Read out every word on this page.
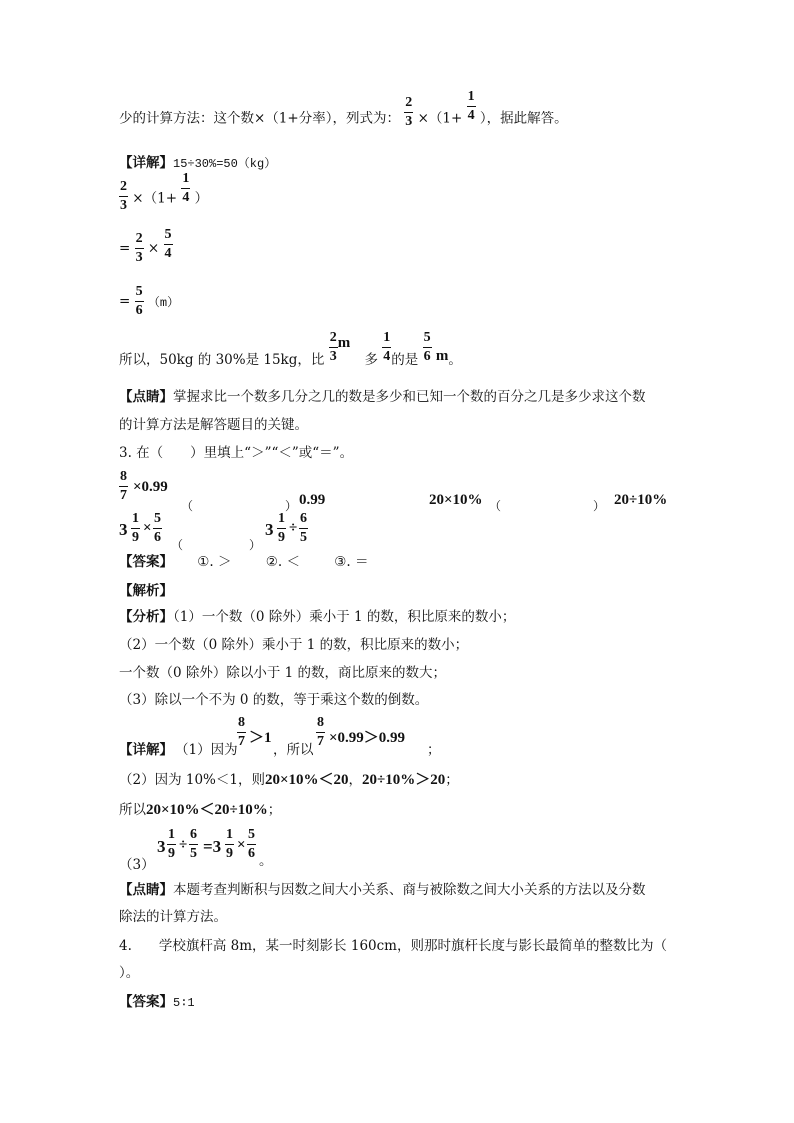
少的计算方法：这个数×（1+分率），列式为： $\frac{2}{3} \times(1+ \frac{1}{4}$ ），据此解答。
【详解】15÷30%=50（kg）
$\frac{2}{3} \times(1+ \frac{1}{4}$ ）
= $\frac{2}{3} \times \frac{5}{4}$
= $\frac{5}{6} (m)$
所以，50kg 的 30%是 15kg，比 $\frac{2}{3}$ m 多 $\frac{1}{4}$ 的是 $\frac{5}{6}$ m。
【点睛】掌握求比一个数多几分之几的数是多少和已知一个数的百分之几是多少求这个数
的计算方法是解答题目的关键。
3. 在（　　）里填上“＞”“＜”或“＝”。
$\frac{8}{7} \times 0.99$
（	） 0.99	20×10% （	） 20÷10%
$3 \frac{1}{9} \times \frac{5}{6}$ （	）
$3 \frac{1}{9} \div \frac{6}{5}$
【答案】 ①. ＞	②. ＜	③. ＝
【解析】
【分析】（1）一个数（0 除外）乘小于 1 的数，积比原来的数小；
（2）一个数（0 除外）乘小于 1 的数，积比原来的数小；
一个数（0 除外）除以小于 1 的数，商比原来的数大；
（3）除以一个不为 0 的数，等于乘这个数的倒数。
【详解】 （1）因为
$\frac{8}{7} >1$
，所以
$\frac{8}{7} \times 0.99>0.99$
；
（2）因为 10%＜1，则20×10%＜20，20÷10%＞20；
所以20×10%＜20÷10%；
（3）
$3 \frac{1}{9} \div \frac{6}{5} =3 \frac{1}{9} \times \frac{5}{6}$ 。
【点睛】本题考查判断积与因数之间大小关系、商与被除数之间大小关系的方法以及分数
除法的计算方法。
4.　　学校旗杆高 8m，某一时刻影长 160cm，则那时旗杆长度与影长最简单的整数比为（
）。
【答案】5∶1
